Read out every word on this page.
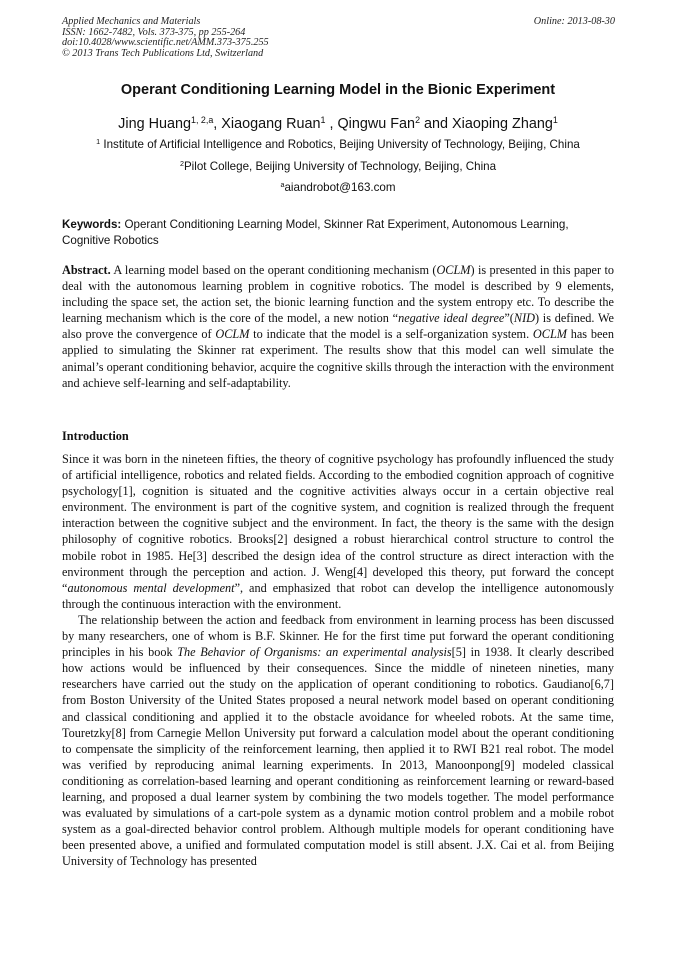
Applied Mechanics and Materials
ISSN: 1662-7482, Vols. 373-375, pp 255-264
doi:10.4028/www.scientific.net/AMM.373-375.255
© 2013 Trans Tech Publications Ltd, Switzerland
Online: 2013-08-30
Operant Conditioning Learning Model in the Bionic Experiment
Jing Huang$^{1, 2,a}$, Xiaogang Ruan$^1$ , Qingwu Fan$^2$ and Xiaoping Zhang$^1$
$^1$ Institute of Artificial Intelligence and Robotics, Beijing University of Technology, Beijing, China
$^2$Pilot College, Beijing University of Technology, Beijing, China
$^a$aiandrobot@163.com
Keywords: Operant Conditioning Learning Model, Skinner Rat Experiment, Autonomous Learning, Cognitive Robotics
Abstract. A learning model based on the operant conditioning mechanism (OCLM) is presented in this paper to deal with the autonomous learning problem in cognitive robotics. The model is described by 9 elements, including the space set, the action set, the bionic learning function and the system entropy etc. To describe the learning mechanism which is the core of the model, a new notion “negative ideal degree”(NID) is defined. We also prove the convergence of OCLM to indicate that the model is a self-organization system. OCLM has been applied to simulating the Skinner rat experiment. The results show that this model can well simulate the animal’s operant conditioning behavior, acquire the cognitive skills through the interaction with the environment and achieve self-learning and self-adaptability.
Introduction

Since it was born in the nineteen fifties, the theory of cognitive psychology has profoundly influenced the study of artificial intelligence, robotics and related fields. According to the embodied cognition approach of cognitive psychology[1], cognition is situated and the cognitive activities always occur in a certain objective real environment. The environment is part of the cognitive system, and cognition is realized through the frequent interaction between the cognitive subject and the environment. In fact, the theory is the same with the design philosophy of cognitive robotics. Brooks[2] designed a robust hierarchical control structure to control the mobile robot in 1985. He[3] described the design idea of the control structure as direct interaction with the environment through the perception and action. J. Weng[4] developed this theory, put forward the concept “autonomous mental development”, and emphasized that robot can develop the intelligence autonomously through the continuous interaction with the environment.

The relationship between the action and feedback from environment in learning process has been discussed by many researchers, one of whom is B.F. Skinner. He for the first time put forward the operant conditioning principles in his book The Behavior of Organisms: an experimental analysis[5] in 1938. It clearly described how actions would be influenced by their consequences. Since the middle of nineteen nineties, many researchers have carried out the study on the application of operant conditioning to robotics. Gaudiano[6,7] from Boston University of the United States proposed a neural network model based on operant conditioning and classical conditioning and applied it to the obstacle avoidance for wheeled robots. At the same time, Touretzky[8] from Carnegie Mellon University put forward a calculation model about the operant conditioning to compensate the simplicity of the reinforcement learning, then applied it to RWI B21 real robot. The model was verified by reproducing animal learning experiments. In 2013, Manoonpong[9] modeled classical conditioning as correlation-based learning and operant conditioning as reinforcement learning or reward-based learning, and proposed a dual learner system by combining the two models together. The model performance was evaluated by simulations of a cart-pole system as a dynamic motion control problem and a mobile robot system as a goal-directed behavior control problem. Although multiple models for operant conditioning have been presented above, a unified and formulated computation model is still absent. J.X. Cai et al. from Beijing University of Technology has presented
